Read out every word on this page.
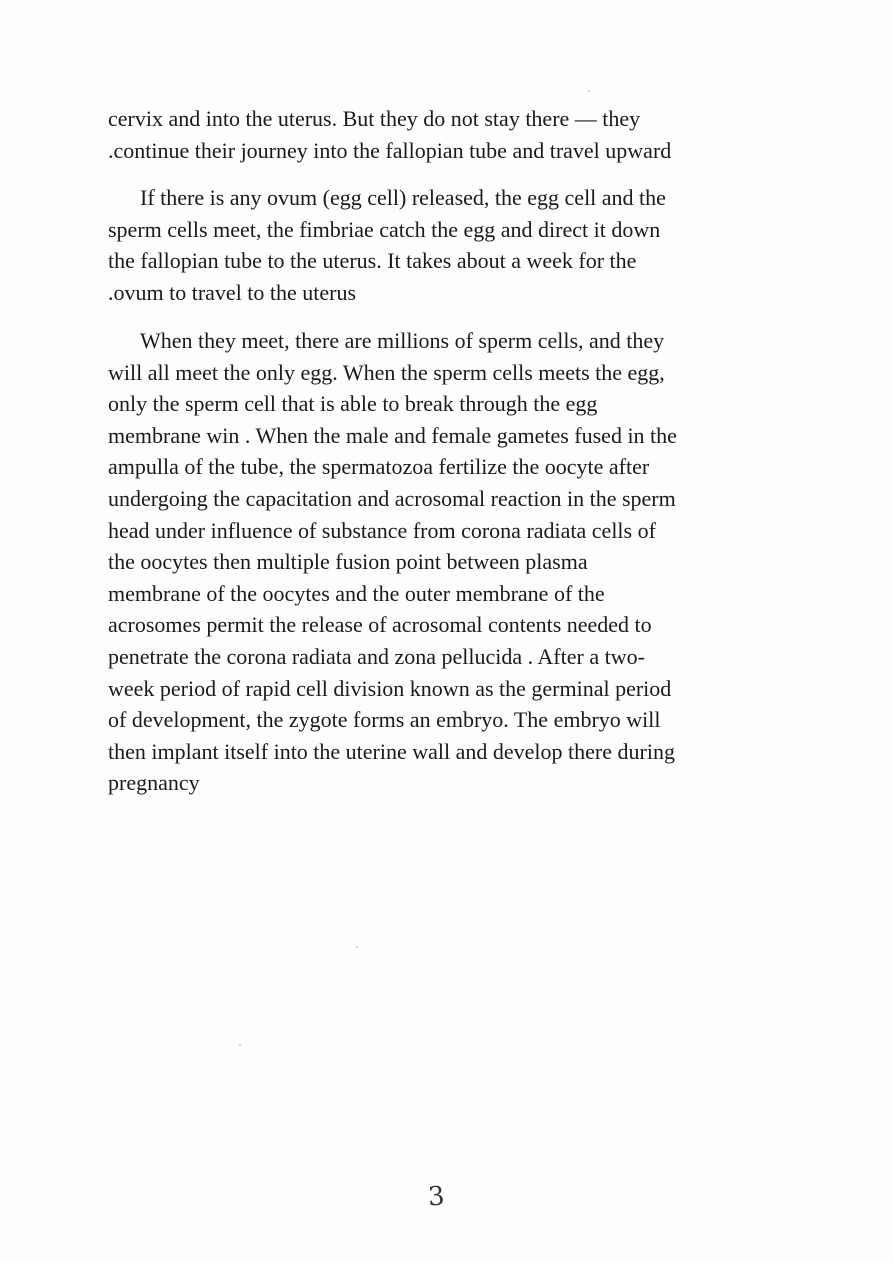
cervix and into the uterus. But they do not stay there — they
.continue their journey into the fallopian tube and travel upward

If there is any ovum (egg cell) released, the egg cell and the
sperm cells meet, the fimbriae catch the egg and direct it down
the fallopian tube to the uterus. It takes about a week for the
.ovum to travel to the uterus

When they meet, there are millions of sperm cells, and they
will all meet the only egg. When the sperm cells meets the egg,
only the sperm cell that is able to break through the egg
membrane win . When the male and female gametes fused in the
ampulla of the tube, the spermatozoa fertilize the oocyte after
undergoing the capacitation and acrosomal reaction in the sperm
head under influence of substance from corona radiata cells of
the oocytes then multiple fusion point between plasma
membrane of the oocytes and the outer membrane of the
acrosomes permit the release of acrosomal contents needed to
penetrate the corona radiata and zona pellucida . After a two-
week period of rapid cell division known as the germinal period
of development, the zygote forms an embryo. The embryo will
then implant itself into the uterine wall and develop there during
pregnancy

3
